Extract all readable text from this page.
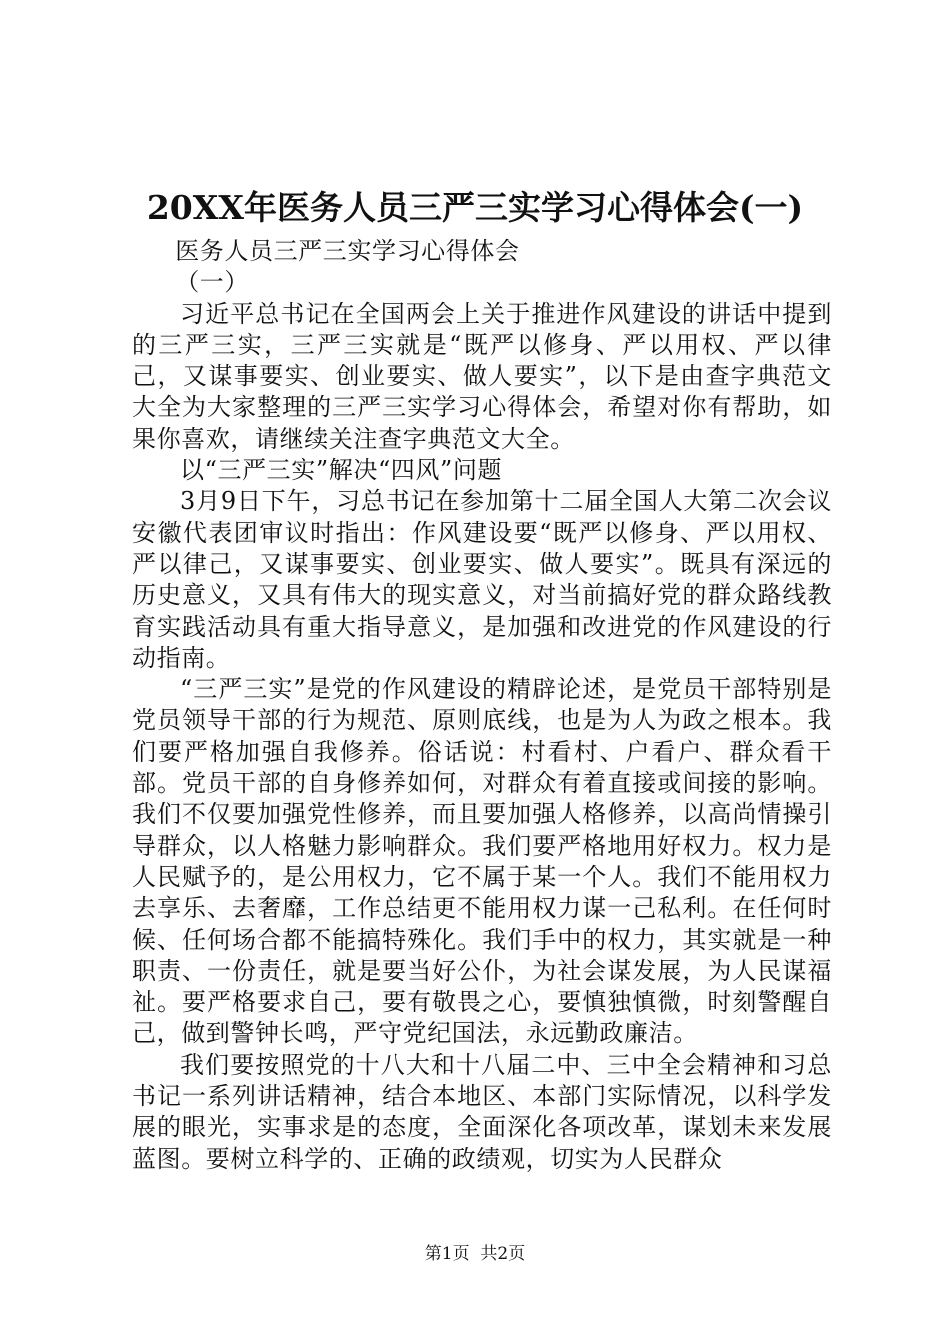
20XX年医务人员三严三实学习心得体会(一)

医务人员三严三实学习心得体会

（一）

习近平总书记在全国两会上关于推进作风建设的讲话中提到的三严三实，三严三实就是“既严以修身、严以用权、严以律己，又谋事要实、创业要实、做人要实”，以下是由查字典范文大全为大家整理的三严三实学习心得体会，希望对你有帮助，如果你喜欢，请继续关注查字典范文大全。

以“三严三实”解决“四风”问题

3月9日下午，习总书记在参加第十二届全国人大第二次会议安徽代表团审议时指出：作风建设要“既严以修身、严以用权、严以律己，又谋事要实、创业要实、做人要实”。既具有深远的历史意义，又具有伟大的现实意义，对当前搞好党的群众路线教育实践活动具有重大指导意义，是加强和改进党的作风建设的行动指南。

“三严三实”是党的作风建设的精辟论述，是党员干部特别是党员领导干部的行为规范、原则底线，也是为人为政之根本。我们要严格加强自我修养。俗话说：村看村、户看户、群众看干部。党员干部的自身修养如何，对群众有着直接或间接的影响。我们不仅要加强党性修养，而且要加强人格修养，以高尚情操引导群众，以人格魅力影响群众。我们要严格地用好权力。权力是人民赋予的，是公用权力，它不属于某一个人。我们不能用权力去享乐、去奢靡，工作总结更不能用权力谋一己私利。在任何时候、任何场合都不能搞特殊化。我们手中的权力，其实就是一种职责、一份责任，就是要当好公仆，为社会谋发展，为人民谋福祉。要严格要求自己，要有敬畏之心，要慎独慎微，时刻警醒自己，做到警钟长鸣，严守党纪国法，永远勤政廉洁。

我们要按照党的十八大和十八届二中、三中全会精神和习总书记一系列讲话精神，结合本地区、本部门实际情况，以科学发展的眼光，实事求是的态度，全面深化各项改革，谋划未来发展蓝图。要树立科学的、正确的政绩观，切实为人民群众

第1页  共2页
